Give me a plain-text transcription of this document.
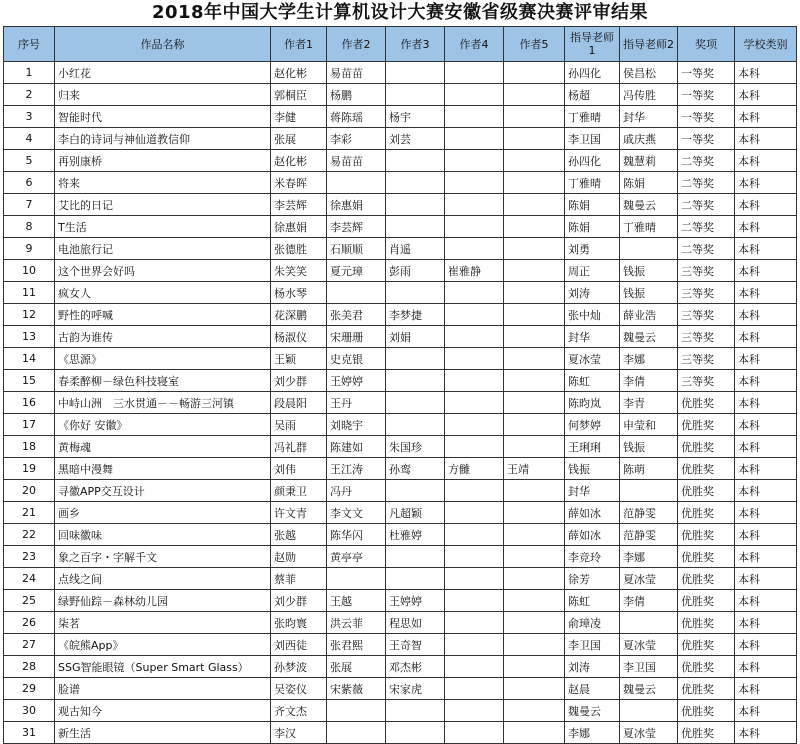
2018年中国大学生计算机设计大赛安徽省级赛决赛评审结果
序号	作品名称	作者1	作者2	作者3	作者4	作者5	指导老师1	指导老师2	奖项	学校类别
1	小红花	赵化彬	易苗苗				孙四化	侯昌松	一等奖	本科
2	归来	郭桐臣	杨鹏				杨超	冯传胜	一等奖	本科
3	智能时代	李健	蒋陈瑶	杨宇			丁雅晴	封华	一等奖	本科
4	李白的诗词与神仙道教信仰	张展	李彩	刘芸			李卫国	戚庆燕	一等奖	本科
5	再别康桥	赵化彬	易苗苗				孙四化	魏慧莉	二等奖	本科
6	将来	米春晖					丁雅晴	陈娟	二等奖	本科
7	艾比的日记	李芸辉	徐惠娟				陈娟	魏曼云	二等奖	本科
8	T生活	徐惠娟	李芸辉				陈娟	丁雅晴	二等奖	本科
9	电池旅行记	张德胜	石顺顺	肖遥			刘勇		二等奖	本科
10	这个世界会好吗	朱笑笑	夏元璋	彭雨	崔雅静		周正	钱振	三等奖	本科
11	疯女人	杨水琴					刘涛	钱振	三等奖	本科
12	野性的呼喊	花深鹏	张美君	李梦捷			张中灿	薛业浩	三等奖	本科
13	古韵为谁传	杨淑仪	宋珊珊	刘娟			封华	魏曼云	三等奖	本科
14	《思源》	王颖	史克银				夏冰莹	李娜	三等奖	本科
15	春柔醉柳－绿色科技寝室	刘少群	王婷婷				陈虹	李倩	三等奖	本科
16	中峙山洲　三水贯通－－畅游三河镇	段晨阳	王丹				陈昀岚	李青	优胜奖	本科
17	《你好 安徽》	吴雨	刘晓宇				何梦婷	申莹和	优胜奖	本科
18	黄梅魂	冯礼群	陈建如	朱国珍			王琍琍	钱振	优胜奖	本科
19	黑暗中漫舞	刘伟	王江涛	孙鸾	方雠	王靖	钱振	陈萌	优胜奖	本科
20	寻徽APP交互设计	颜秉卫	冯丹				封华		优胜奖	本科
21	画乡	许文青	李文文	凡超颖			薛如冰	范静雯	优胜奖	本科
22	回味徽味	张越	陈华闪	杜雅婷			薛如冰	范静雯	优胜奖	本科
23	象之百字・字解千文	赵勋	黄亭亭				李竞玲	李娜	优胜奖	本科
24	点线之间	蔡菲					徐芳	夏冰莹	优胜奖	本科
25	绿野仙踪－森林幼儿园	刘少群	王越	王婷婷			陈虹	李倩	优胜奖	本科
26	柒茗	张昀寰	洪云菲	程思如			俞璋凌		优胜奖	本科
27	《皖熊App》	刘西徒	张君熙	王奇智			李卫国	夏冰莹	优胜奖	本科
28	SSG智能眼镜（Super Smart Glass）	孙梦波	张展	邓杰彬			刘涛	李卫国	优胜奖	本科
29	脸谱	吴姿仪	宋紫薇	宋家虎			赵晨	魏曼云	优胜奖	本科
30	观古知今	齐文杰					魏曼云		优胜奖	本科
31	新生活	李汉					李娜	夏冰莹	优胜奖	本科
